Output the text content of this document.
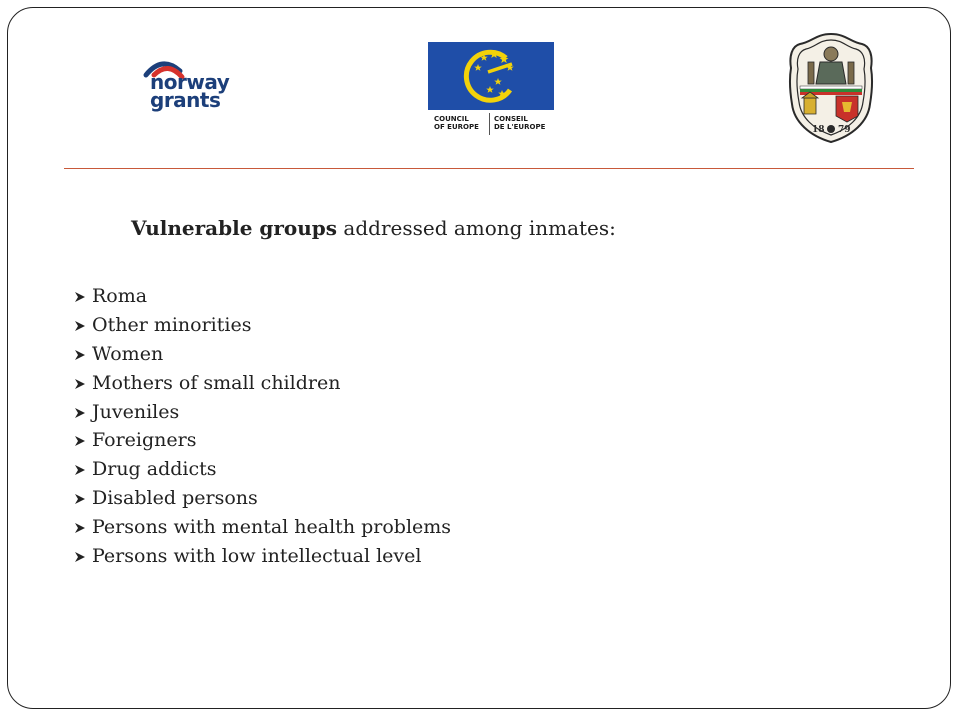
norway
grants
COUNCIL
OF EUROPE
CONSEIL
DE L'EUROPE	18 79
Vulnerable groups addressed among inmates:
Roma
Other minorities
Women
Mothers of small children
Juveniles
Foreigners
Drug addicts
Disabled persons
Persons with mental health problems
Persons with low intellectual level
